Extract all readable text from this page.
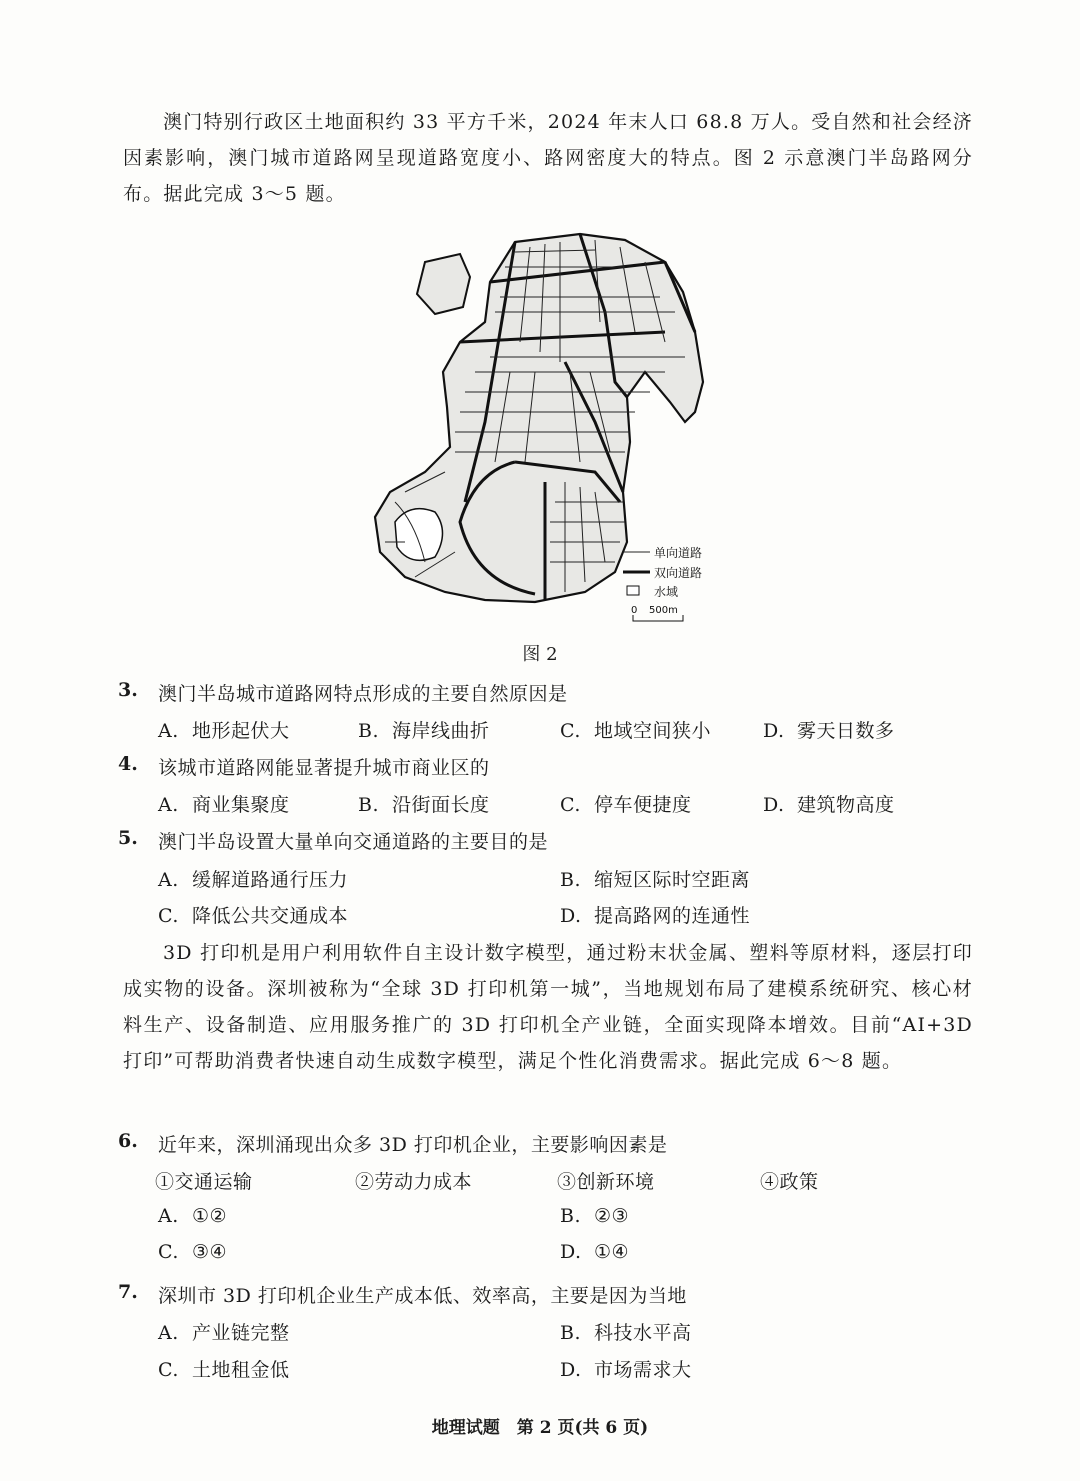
澳门特别行政区土地面积约 33 平方千米，2024 年末人口 68.8 万人。受自然和社会经济因素影响，澳门城市道路网呈现道路宽度小、路网密度大的特点。图 2 示意澳门半岛路网分布。据此完成 3～5 题。
单向道路
双向道路
水域
0 500m
图 2
3. 澳门半岛城市道路网特点形成的主要自然原因是
A. 地形起伏大	B. 海岸线曲折	C. 地域空间狭小	D. 雾天日数多
4. 该城市道路网能显著提升城市商业区的
A. 商业集聚度	B. 沿街面长度	C. 停车便捷度	D. 建筑物高度
5. 澳门半岛设置大量单向交通道路的主要目的是
A. 缓解道路通行压力	B. 缩短区际时空距离
C. 降低公共交通成本	D. 提高路网的连通性
3D 打印机是用户利用软件自主设计数字模型，通过粉末状金属、塑料等原材料，逐层打印成实物的设备。深圳被称为“全球 3D 打印机第一城”，当地规划布局了建模系统研究、核心材料生产、设备制造、应用服务推广的 3D 打印机全产业链，全面实现降本增效。目前“AI+3D 打印”可帮助消费者快速自动生成数字模型，满足个性化消费需求。据此完成 6～8 题。
6. 近年来，深圳涌现出众多 3D 打印机企业，主要影响因素是
①交通运输	②劳动力成本	③创新环境	④政策
A. ①②	B. ②③
C. ③④	D. ①④
7. 深圳市 3D 打印机企业生产成本低、效率高，主要是因为当地
A. 产业链完整	B. 科技水平高
C. 土地租金低	D. 市场需求大
地理试题　第 2 页(共 6 页)
